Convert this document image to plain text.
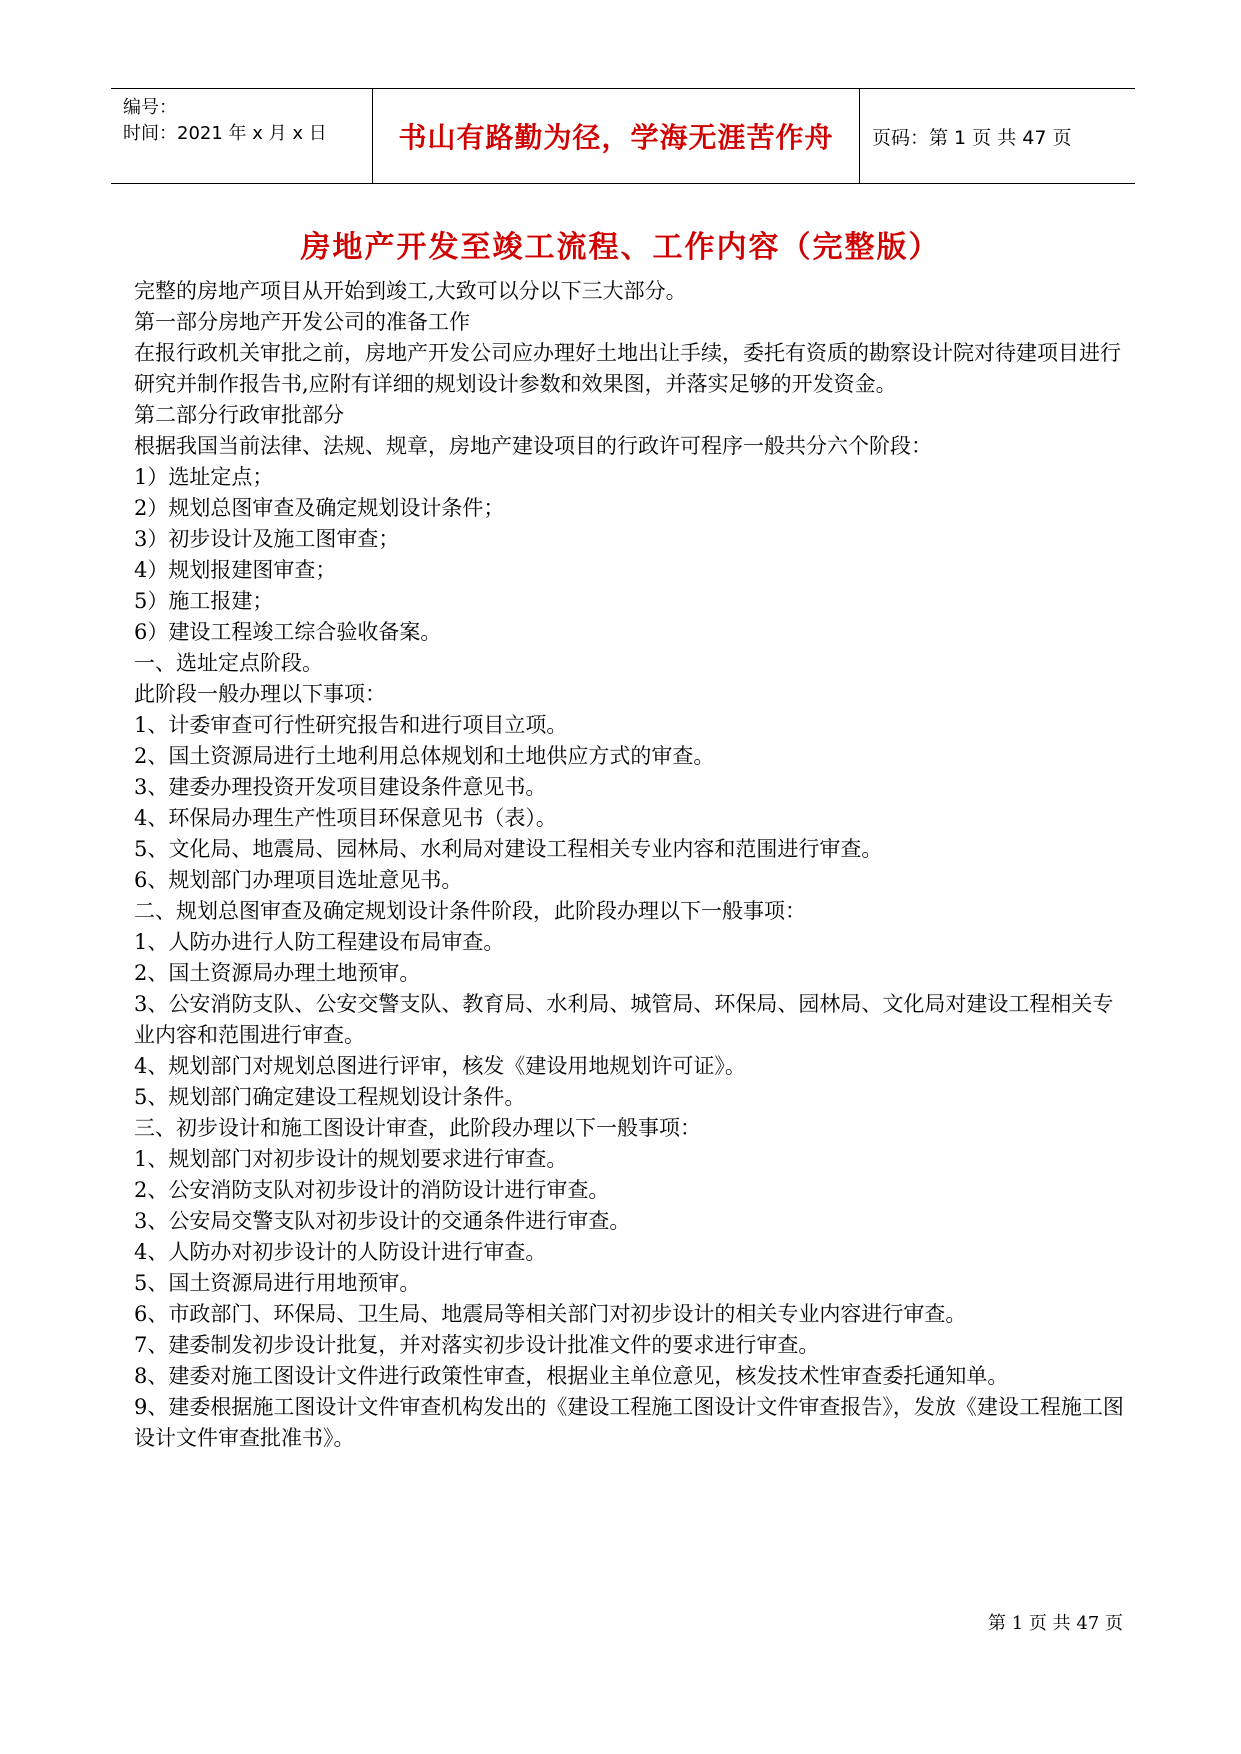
编号：
时间：2021 年 x 月 x 日	书山有路勤为径，学海无涯苦作舟 页码：第 1 页 共 47 页
房地产开发至竣工流程、工作内容（完整版）

完整的房地产项目从开始到竣工,大致可以分以下三大部分。

第一部分房地产开发公司的准备工作

在报行政机关审批之前，房地产开发公司应办理好土地出让手续，委托有资质的勘察设计院对待建项目进行研究并制作报告书,应附有详细的规划设计参数和效果图，并落实足够的开发资金。

第二部分行政审批部分

根据我国当前法律、法规、规章，房地产建设项目的行政许可程序一般共分六个阶段：

1）选址定点；

2）规划总图审查及确定规划设计条件；

3）初步设计及施工图审查；

4）规划报建图审查；

5）施工报建；

6）建设工程竣工综合验收备案。

一、选址定点阶段。

此阶段一般办理以下事项：

1、计委审查可行性研究报告和进行项目立项。

2、国土资源局进行土地利用总体规划和土地供应方式的审查。

3、建委办理投资开发项目建设条件意见书。

4、环保局办理生产性项目环保意见书（表）。

5、文化局、地震局、园林局、水利局对建设工程相关专业内容和范围进行审查。

6、规划部门办理项目选址意见书。

二、规划总图审查及确定规划设计条件阶段，此阶段办理以下一般事项：

1、人防办进行人防工程建设布局审查。

2、国土资源局办理土地预审。

3、公安消防支队、公安交警支队、教育局、水利局、城管局、环保局、园林局、文化局对建设工程相关专业内容和范围进行审查。

4、规划部门对规划总图进行评审，核发《建设用地规划许可证》。

5、规划部门确定建设工程规划设计条件。

三、初步设计和施工图设计审查，此阶段办理以下一般事项：

1、规划部门对初步设计的规划要求进行审查。

2、公安消防支队对初步设计的消防设计进行审查。

3、公安局交警支队对初步设计的交通条件进行审查。

4、人防办对初步设计的人防设计进行审查。

5、国土资源局进行用地预审。

6、市政部门、环保局、卫生局、地震局等相关部门对初步设计的相关专业内容进行审查。

7、建委制发初步设计批复，并对落实初步设计批准文件的要求进行审查。

8、建委对施工图设计文件进行政策性审查，根据业主单位意见，核发技术性审查委托通知单。

9、建委根据施工图设计文件审查机构发出的《建设工程施工图设计文件审查报告》，发放《建设工程施工图设计文件审查批准书》。

第 1 页 共 47 页
